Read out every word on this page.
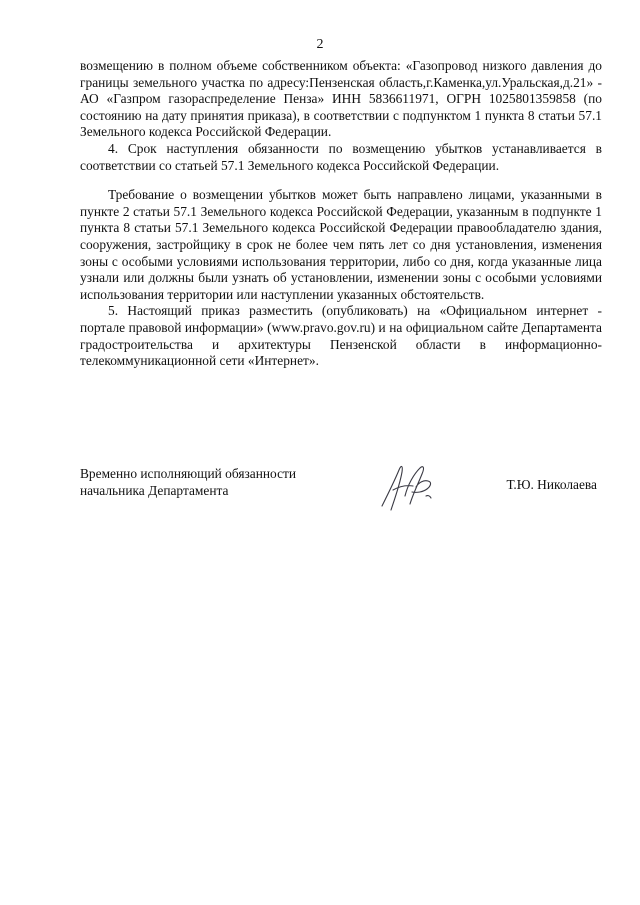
2

возмещению в полном объеме собственником объекта: «Газопровод низкого давления до границы земельного участка по адресу:Пензенская область,г.Каменка,ул.Уральская,д.21» - АО «Газпром газораспределение Пенза» ИНН 5836611971, ОГРН 1025801359858 (по состоянию на дату принятия приказа), в соответствии с подпунктом 1 пункта 8 статьи 57.1 Земельного кодекса Российской Федерации.

4. Срок наступления обязанности по возмещению убытков устанавливается в соответствии со статьей 57.1 Земельного кодекса Российской Федерации.

Требование о возмещении убытков может быть направлено лицами, указанными в пункте 2 статьи 57.1 Земельного кодекса Российской Федерации, указанным в подпункте 1 пункта 8 статьи 57.1 Земельного кодекса Российской Федерации правообладателю здания, сооружения, застройщику в срок не более чем пять лет со дня установления, изменения зоны с особыми условиями использования территории, либо со дня, когда указанные лица узнали или должны были узнать об установлении, изменении зоны с особыми условиями использования территории или наступлении указанных обстоятельств.

5. Настоящий приказ разместить (опубликовать) на «Официальном интернет - портале правовой информации» (www.pravo.gov.ru) и на официальном сайте Департамента градостроительства и архитектуры Пензенской области в информационно-телекоммуникационной сети «Интернет».

Временно исполняющий обязанности
начальника Департамента	Т.Ю. Николаева
